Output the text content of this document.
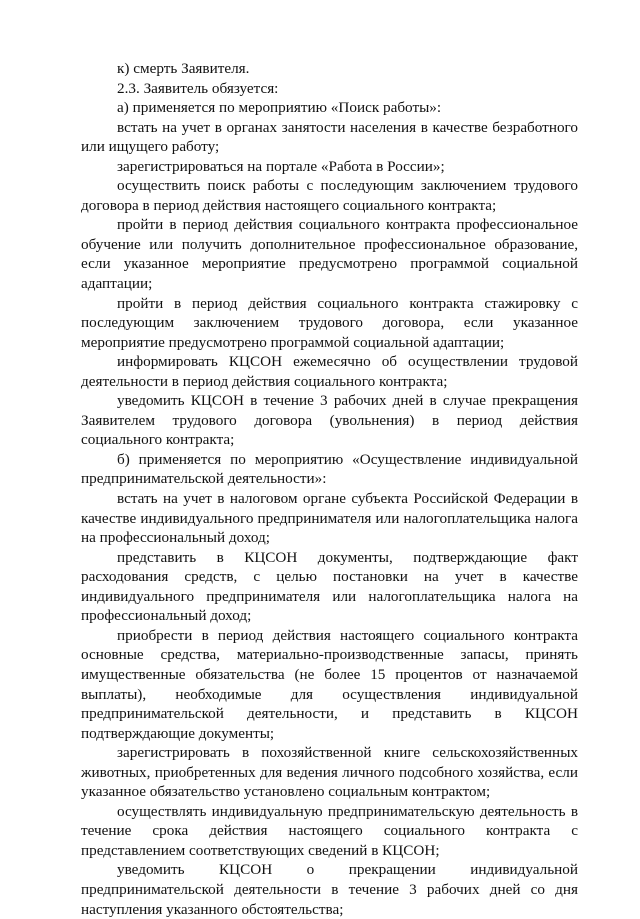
к) смерть Заявителя.

2.3. Заявитель обязуется:

а) применяется по мероприятию «Поиск работы»:

встать на учет в органах занятости населения в качестве безработного или ищущего работу;

зарегистрироваться на портале «Работа в России»;

осуществить поиск работы с последующим заключением трудового договора в период действия настоящего социального контракта;

пройти в период действия социального контракта профессиональное обучение или получить дополнительное профессиональное образование, если указанное мероприятие предусмотрено программой социальной адаптации;

пройти в период действия социального контракта стажировку с последующим заключением трудового договора, если указанное мероприятие предусмотрено программой социальной адаптации;

информировать КЦСОН ежемесячно об осуществлении трудовой деятельности в период действия социального контракта;

уведомить КЦСОН в течение 3 рабочих дней в случае прекращения Заявителем трудового договора (увольнения) в период действия социального контракта;

б) применяется по мероприятию «Осуществление индивидуальной предпринимательской деятельности»:

встать на учет в налоговом органе субъекта Российской Федерации в качестве индивидуального предпринимателя или налогоплательщика налога на профессиональный доход;

представить в КЦСОН документы, подтверждающие факт расходования средств, с целью постановки на учет в качестве индивидуального предпринимателя или налогоплательщика налога на профессиональный доход;

приобрести в период действия настоящего социального контракта основные средства, материально-производственные запасы, принять имущественные обязательства (не более 15 процентов от назначаемой выплаты), необходимые для осуществления индивидуальной предпринимательской деятельности, и представить в КЦСОН подтверждающие документы;

зарегистрировать в похозяйственной книге сельскохозяйственных животных, приобретенных для ведения личного подсобного хозяйства, если указанное обязательство установлено социальным контрактом;

осуществлять индивидуальную предпринимательскую деятельность в течение срока действия настоящего социального контракта с представлением соответствующих сведений в КЦСОН;

уведомить КЦСОН о прекращении индивидуальной предпринимательской деятельности в течение 3 рабочих дней со дня наступления указанного обстоятельства;
